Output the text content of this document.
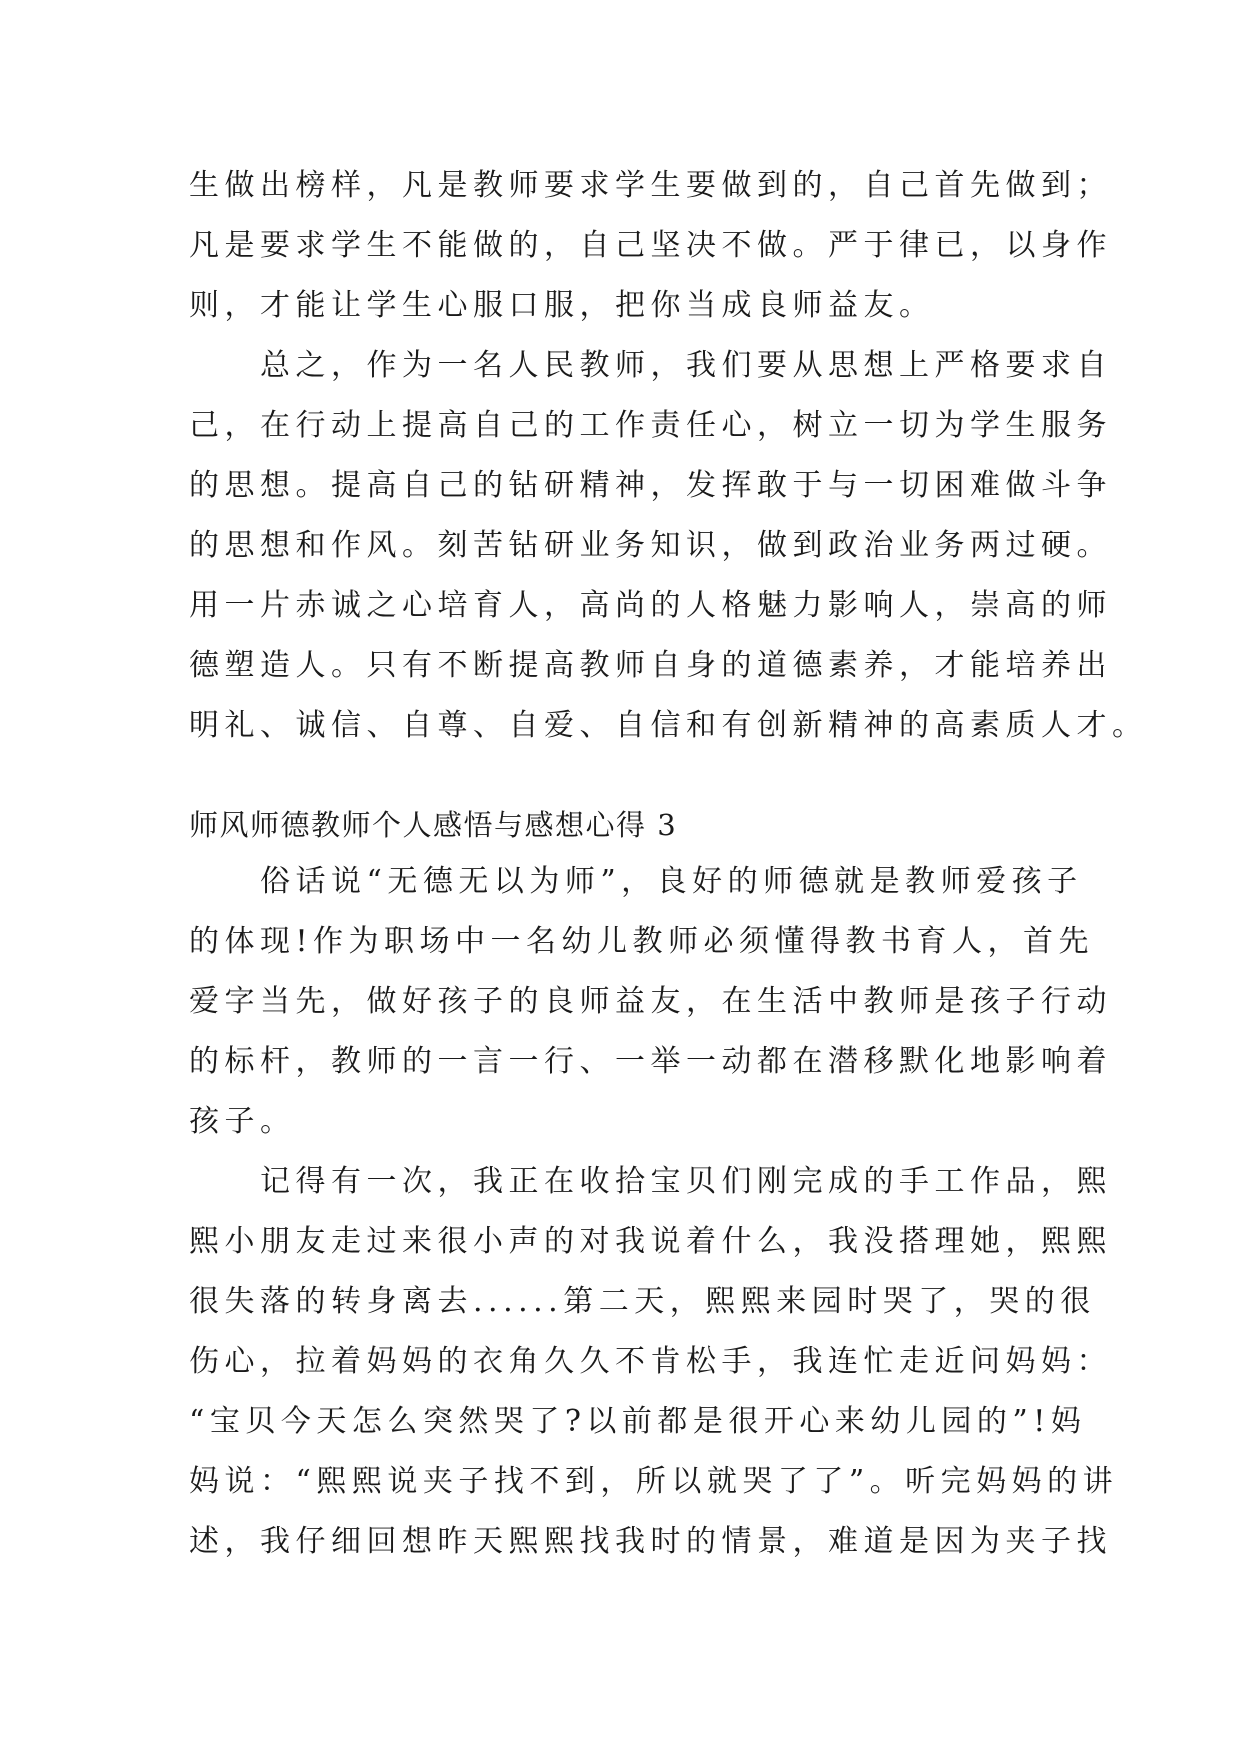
生做出榜样，凡是教师要求学生要做到的，自己首先做到；
凡是要求学生不能做的，自己坚决不做。严于律已，以身作
则，才能让学生心服口服，把你当成良师益友。
　　总之，作为一名人民教师，我们要从思想上严格要求自
己，在行动上提高自己的工作责任心，树立一切为学生服务
的思想。提高自己的钻研精神，发挥敢于与一切困难做斗争
的思想和作风。刻苦钻研业务知识，做到政治业务两过硬。
用一片赤诚之心培育人，高尚的人格魅力影响人，崇高的师
德塑造人。只有不断提高教师自身的道德素养，才能培养出
明礼、诚信、自尊、自爱、自信和有创新精神的高素质人才。
师风师德教师个人感悟与感想心得 3
　　俗话说“无德无以为师”，良好的师德就是教师爱孩子
的体现!作为职场中一名幼儿教师必须懂得教书育人，首先
爱字当先，做好孩子的良师益友，在生活中教师是孩子行动
的标杆，教师的一言一行、一举一动都在潜移默化地影响着
孩子。
　　记得有一次，我正在收拾宝贝们刚完成的手工作品，熙
熙小朋友走过来很小声的对我说着什么，我没搭理她，熙熙
很失落的转身离去......第二天，熙熙来园时哭了，哭的很
伤心，拉着妈妈的衣角久久不肯松手，我连忙走近问妈妈：
“宝贝今天怎么突然哭了?以前都是很开心来幼儿园的”!妈
妈说：“熙熙说夹子找不到，所以就哭了了”。听完妈妈的讲
述，我仔细回想昨天熙熙找我时的情景，难道是因为夹子找
